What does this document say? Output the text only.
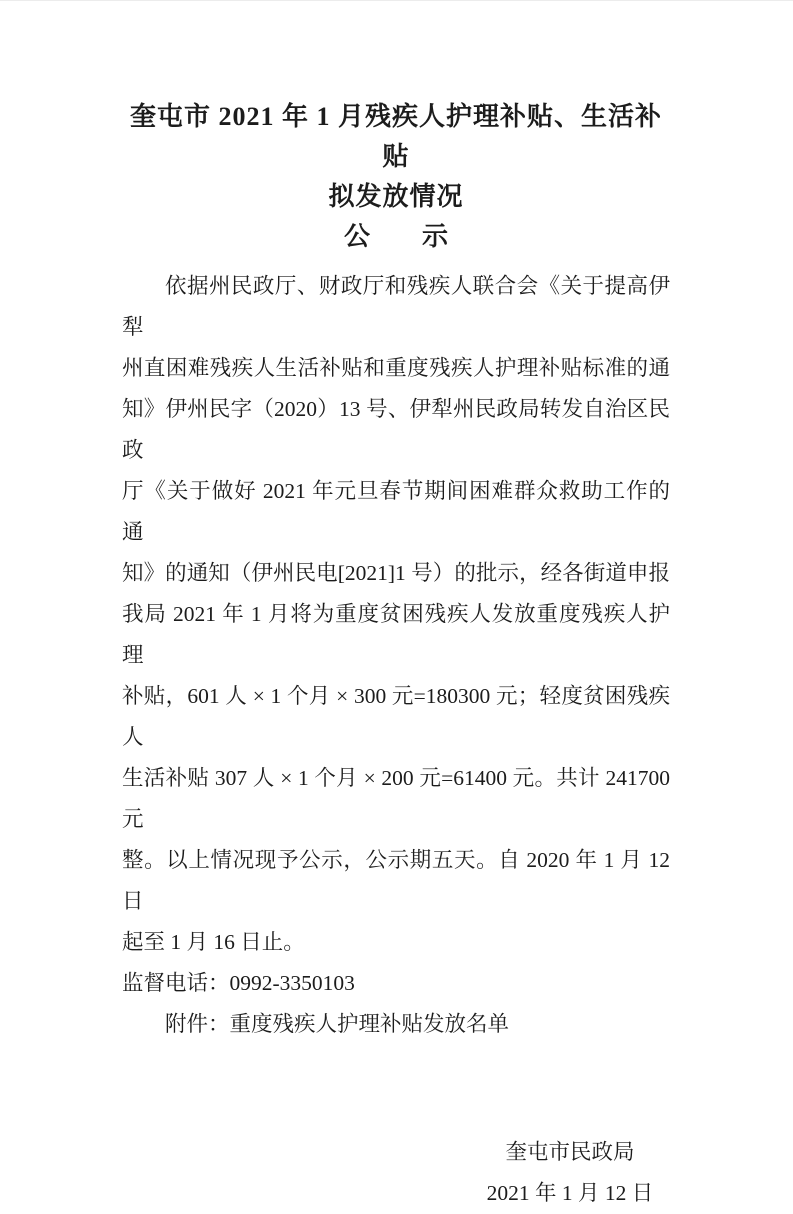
奎屯市 2021 年 1 月残疾人护理补贴、生活补贴
拟发放情况
公　　示
依据州民政厅、财政厅和残疾人联合会《关于提高伊犁
州直困难残疾人生活补贴和重度残疾人护理补贴标准的通
知》伊州民字（2020）13 号、伊犁州民政局转发自治区民政
厅《关于做好 2021 年元旦春节期间困难群众救助工作的通
知》的通知（伊州民电[2021]1 号）的批示，经各街道申报
我局 2021 年 1 月将为重度贫困残疾人发放重度残疾人护理
补贴，601 人 × 1 个月 × 300 元=180300 元；轻度贫困残疾人
生活补贴 307 人 × 1 个月 × 200 元=61400 元。共计 241700 元
整。以上情况现予公示，公示期五天。自 2020 年 1 月 12 日
起至 1 月 16 日止。
监督电话：0992-3350103
附件：重度残疾人护理补贴发放名单
奎屯市民政局
2021 年 1 月 12 日
